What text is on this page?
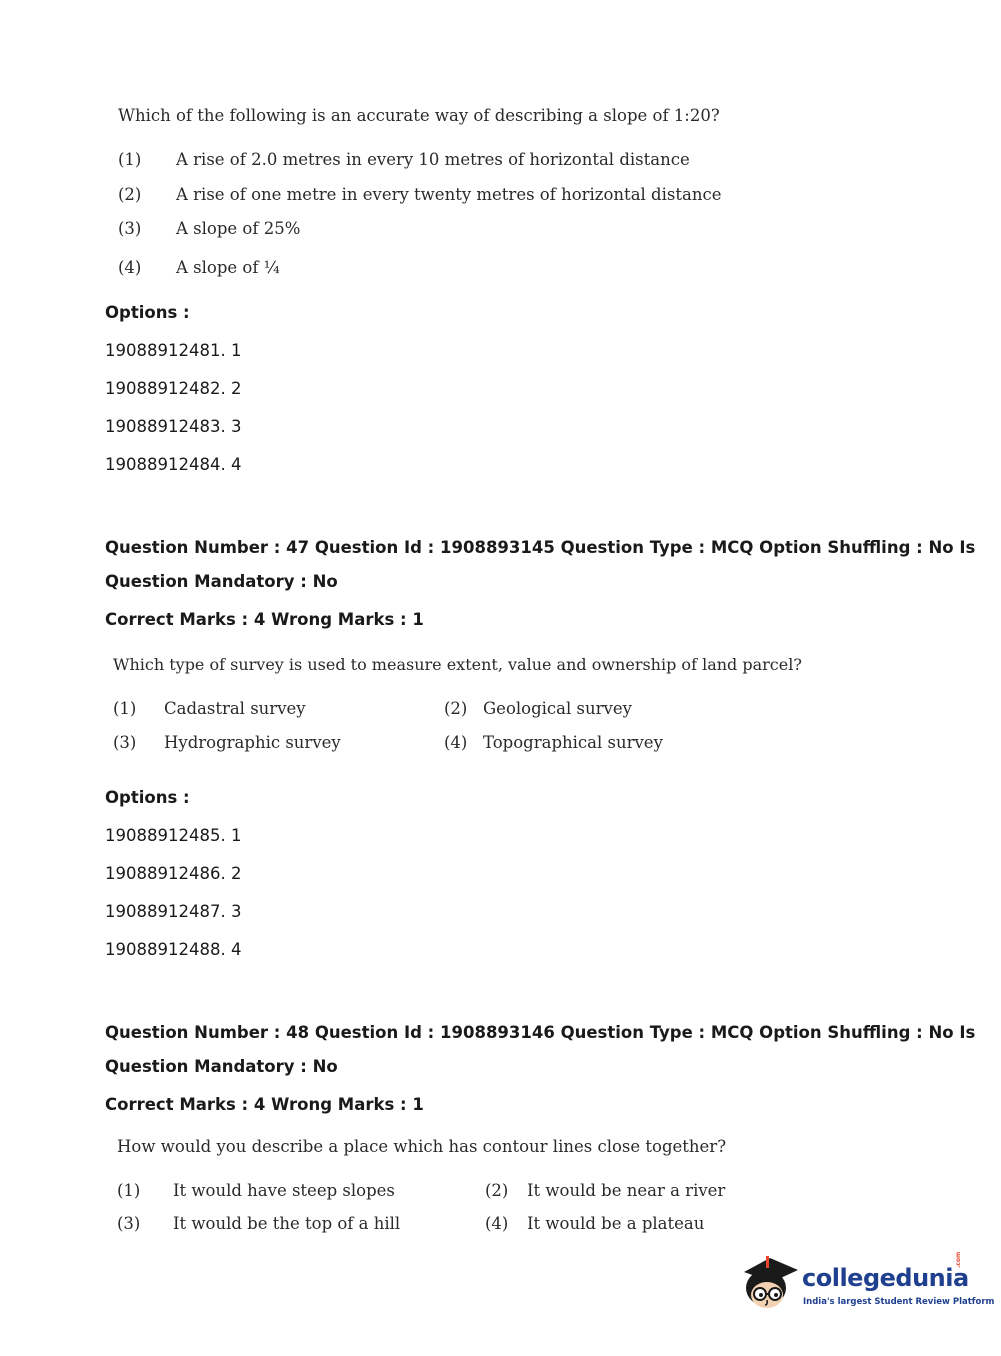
Which of the following is an accurate way of describing a slope of 1:20?
(1) A rise of 2.0 metres in every 10 metres of horizontal distance
(2) A rise of one metre in every twenty metres of horizontal distance
(3) A slope of 25%
(4) A slope of ¼
Options :
19088912481. 1
19088912482. 2
19088912483. 3
19088912484. 4
Question Number : 47 Question Id : 1908893145 Question Type : MCQ Option Shuffling : No Is
Question Mandatory : No
Correct Marks : 4 Wrong Marks : 1
Which type of survey is used to measure extent, value and ownership of land parcel?
(1) Cadastral survey	(2) Geological survey
(3) Hydrographic survey	(4) Topographical survey
Options :
19088912485. 1
19088912486. 2
19088912487. 3
19088912488. 4
Question Number : 48 Question Id : 1908893146 Question Type : MCQ Option Shuffling : No Is
Question Mandatory : No
Correct Marks : 4 Wrong Marks : 1
How would you describe a place which has contour lines close together?
(1) It would have steep slopes	(2) It would be near a river
(3) It would be the top of a hill	(4) It would be a plateau
collegedunia
.com
India's largest Student Review Platform
